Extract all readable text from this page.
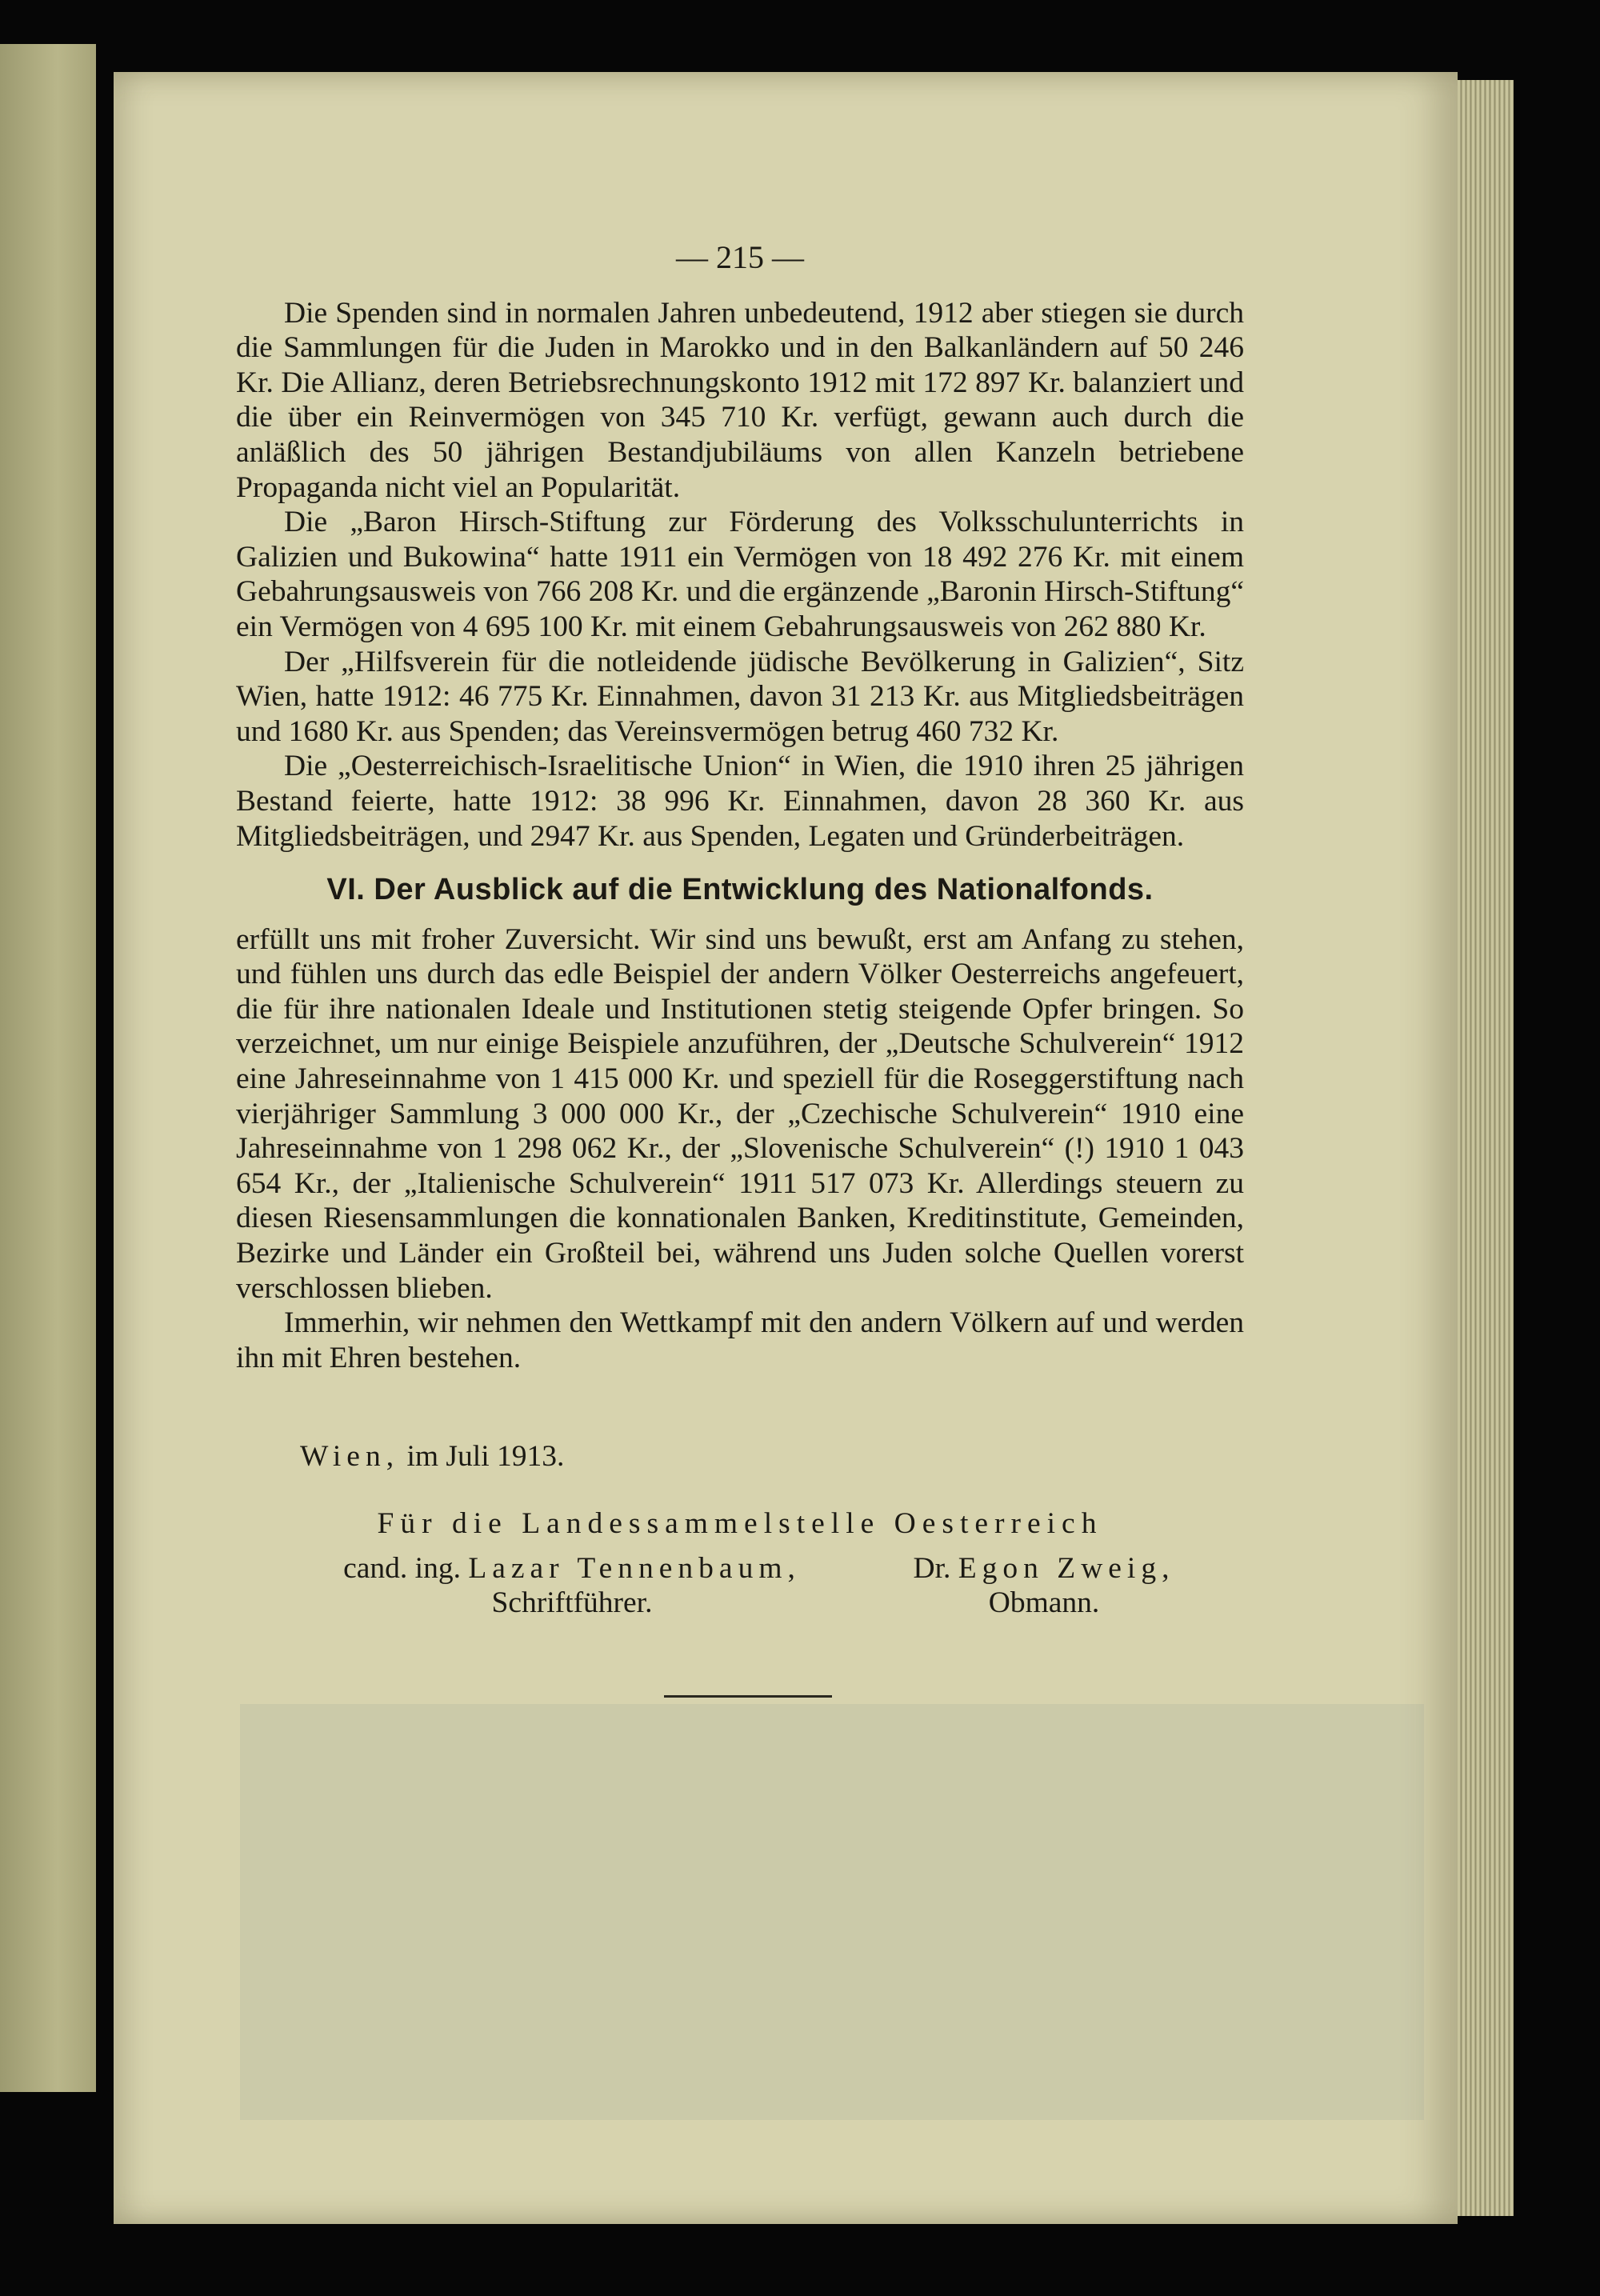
— 215 —

Die Spenden sind in normalen Jahren unbedeutend, 1912 aber stiegen sie durch die Sammlungen für die Juden in Marokko und in den Balkanländern auf 50 246 Kr. Die Allianz, deren Betriebsrechnungskonto 1912 mit 172 897 Kr. balanziert und die über ein Reinvermögen von 345 710 Kr. verfügt, gewann auch durch die anläßlich des 50 jährigen Bestandjubiläums von allen Kanzeln betriebene Propaganda nicht viel an Popularität.

Die „Baron Hirsch-Stiftung zur Förderung des Volksschulunterrichts in Galizien und Bukowina“ hatte 1911 ein Vermögen von 18 492 276 Kr. mit einem Gebahrungsausweis von 766 208 Kr. und die ergänzende „Baronin Hirsch-Stiftung“ ein Vermögen von 4 695 100 Kr. mit einem Gebahrungsausweis von 262 880 Kr.

Der „Hilfsverein für die notleidende jüdische Bevölkerung in Galizien“, Sitz Wien, hatte 1912: 46 775 Kr. Einnahmen, davon 31 213 Kr. aus Mitgliedsbeiträgen und 1680 Kr. aus Spenden; das Vereinsvermögen betrug 460 732 Kr.

Die „Oesterreichisch-Israelitische Union“ in Wien, die 1910 ihren 25 jährigen Bestand feierte, hatte 1912: 38 996 Kr. Einnahmen, davon 28 360 Kr. aus Mitgliedsbeiträgen, und 2947 Kr. aus Spenden, Legaten und Gründerbeiträgen.

VI. Der Ausblick auf die Entwicklung des Nationalfonds.

erfüllt uns mit froher Zuversicht. Wir sind uns bewußt, erst am Anfang zu stehen, und fühlen uns durch das edle Beispiel der andern Völker Oesterreichs angefeuert, die für ihre nationalen Ideale und Institutionen stetig steigende Opfer bringen. So verzeichnet, um nur einige Beispiele anzuführen, der „Deutsche Schulverein“ 1912 eine Jahreseinnahme von 1 415 000 Kr. und speziell für die Roseggerstiftung nach vierjähriger Sammlung 3 000 000 Kr., der „Czechische Schulverein“ 1910 eine Jahreseinnahme von 1 298 062 Kr., der „Slovenische Schulverein“ (!) 1910 1 043 654 Kr., der „Italienische Schulverein“ 1911 517 073 Kr. Allerdings steuern zu diesen Riesensammlungen die konnationalen Banken, Kreditinstitute, Gemeinden, Bezirke und Länder ein Großteil bei, während uns Juden solche Quellen vorerst verschlossen blieben.

Immerhin, wir nehmen den Wettkampf mit den andern Völkern auf und werden ihn mit Ehren bestehen.

Wien, im Juli 1913.
Für die Landessammelstelle Oesterreich
cand. ing. Lazar Tennenbaum,
Schriftführer.
Dr. Egon Zweig,
Obmann.
